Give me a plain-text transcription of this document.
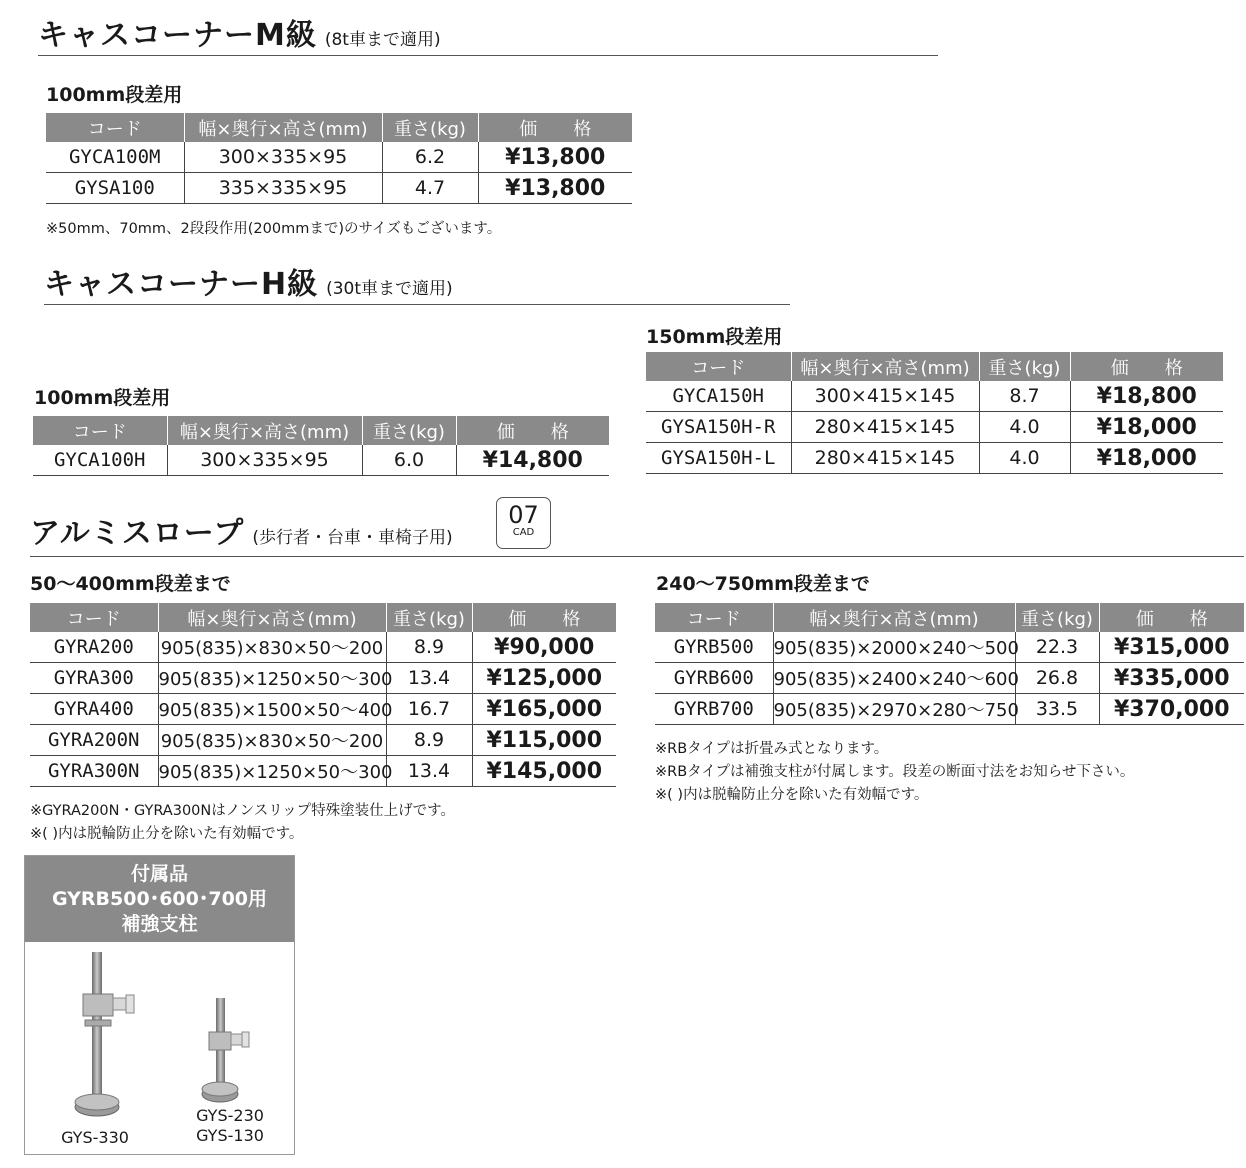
キャスコーナーM級 (8t車まで適用)
100mm段差用
コード	幅×奥行×高さ(mm)	重さ(kg)	価　　格
GYCA100M	300×335×95	6.2	¥13,800
GYSA100	335×335×95	4.7	¥13,800
※50mm、70mm、2段段作用(200mmまで)のサイズもございます。
キャスコーナーH級 (30t車まで適用)
100mm段差用
コード	幅×奥行×高さ(mm)	重さ(kg)	価　　格
GYCA100H	300×335×95	6.0	¥14,800
150mm段差用
コード	幅×奥行×高さ(mm)	重さ(kg)	価　　格
GYCA150H	300×415×145	8.7	¥18,800
GYSA150H-R	280×415×145	4.0	¥18,000
GYSA150H-L	280×415×145	4.0	¥18,000
アルミスロープ (歩行者・台車・車椅子用)
07
CAD
50〜400mm段差まで
コード	幅×奥行×高さ(mm)	重さ(kg)	価　　格
GYRA200	905(835)×830×50〜200	8.9	¥90,000
GYRA300	905(835)×1250×50〜300	13.4	¥125,000
GYRA400	905(835)×1500×50〜400	16.7	¥165,000
GYRA200N	905(835)×830×50〜200	8.9	¥115,000
GYRA300N	905(835)×1250×50〜300	13.4	¥145,000
※GYRA200N・GYRA300Nはノンスリップ特殊塗装仕上げです。
※( )内は脱輪防止分を除いた有効幅です。
240〜750mm段差まで
コード	幅×奥行×高さ(mm)	重さ(kg)	価　　格
GYRB500	905(835)×2000×240〜500	22.3	¥315,000
GYRB600	905(835)×2400×240〜600	26.8	¥335,000
GYRB700	905(835)×2970×280〜750	33.5	¥370,000
※RBタイプは折畳み式となります。
※RBタイプは補強支柱が付属します。段差の断面寸法をお知らせ下さい。
※( )内は脱輪防止分を除いた有効幅です。
付属品
GYRB500･600･700用
補強支柱
GYS-330
GYS-230
GYS-130
